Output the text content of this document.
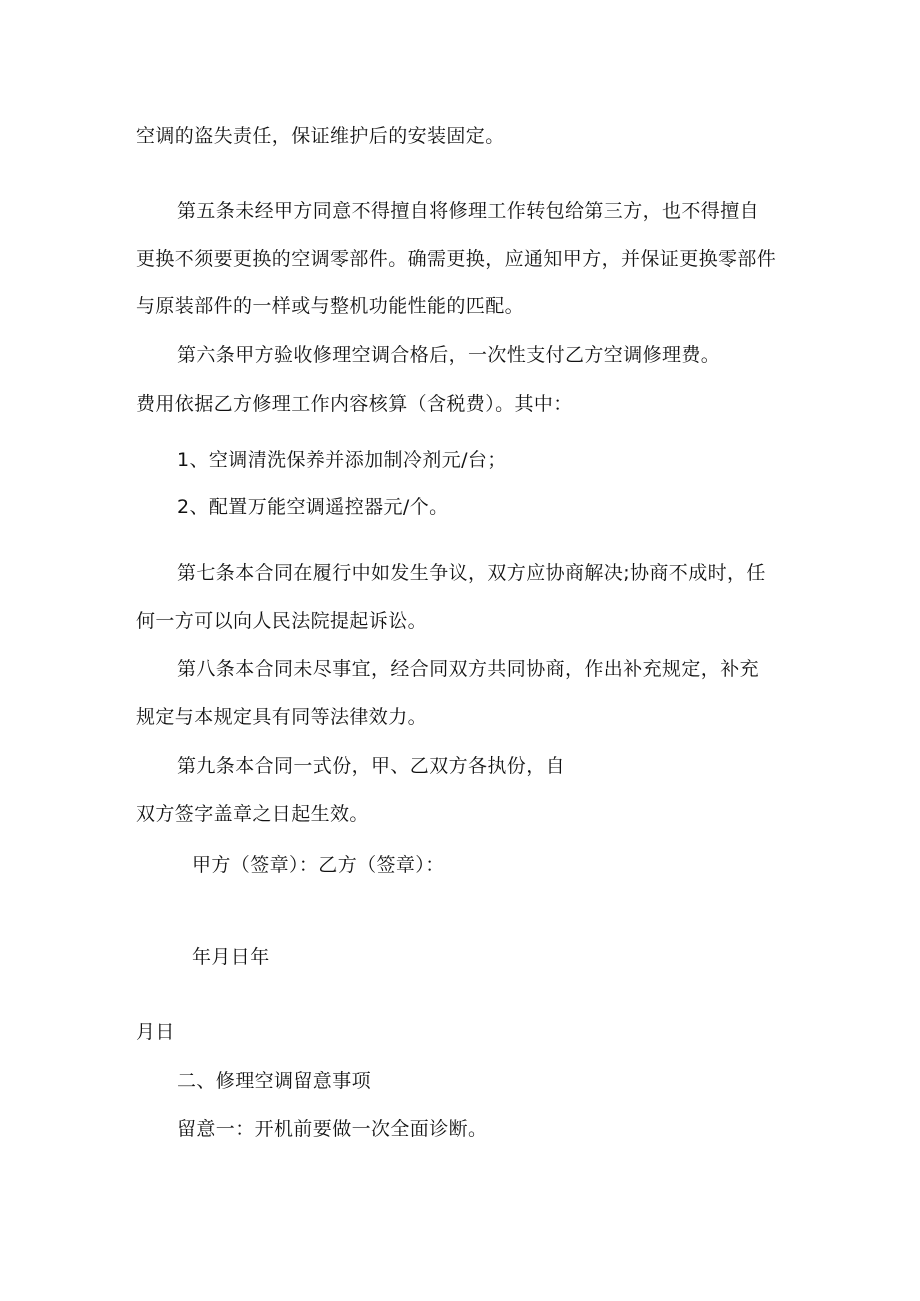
空调的盗失责任，保证维护后的安装固定。
第五条未经甲方同意不得擅自将修理工作转包给第三方，也不得擅自
更换不须要更换的空调零部件。确需更换，应通知甲方，并保证更换零部件
与原装部件的一样或与整机功能性能的匹配。
第六条甲方验收修理空调合格后，一次性支付乙方空调修理费。
费用依据乙方修理工作内容核算（含税费）。其中：
1、空调清洗保养并添加制冷剂元/台；
2、配置万能空调遥控器元/个。
第七条本合同在履行中如发生争议，双方应协商解决;协商不成时，任
何一方可以向人民法院提起诉讼。
第八条本合同未尽事宜，经合同双方共同协商，作出补充规定，补充
规定与本规定具有同等法律效力。
第九条本合同一式份，甲、乙双方各执份，自
双方签字盖章之日起生效。
甲方（签章）：乙方（签章）：
年月日年
月日
二、修理空调留意事项
留意一：开机前要做一次全面诊断。
